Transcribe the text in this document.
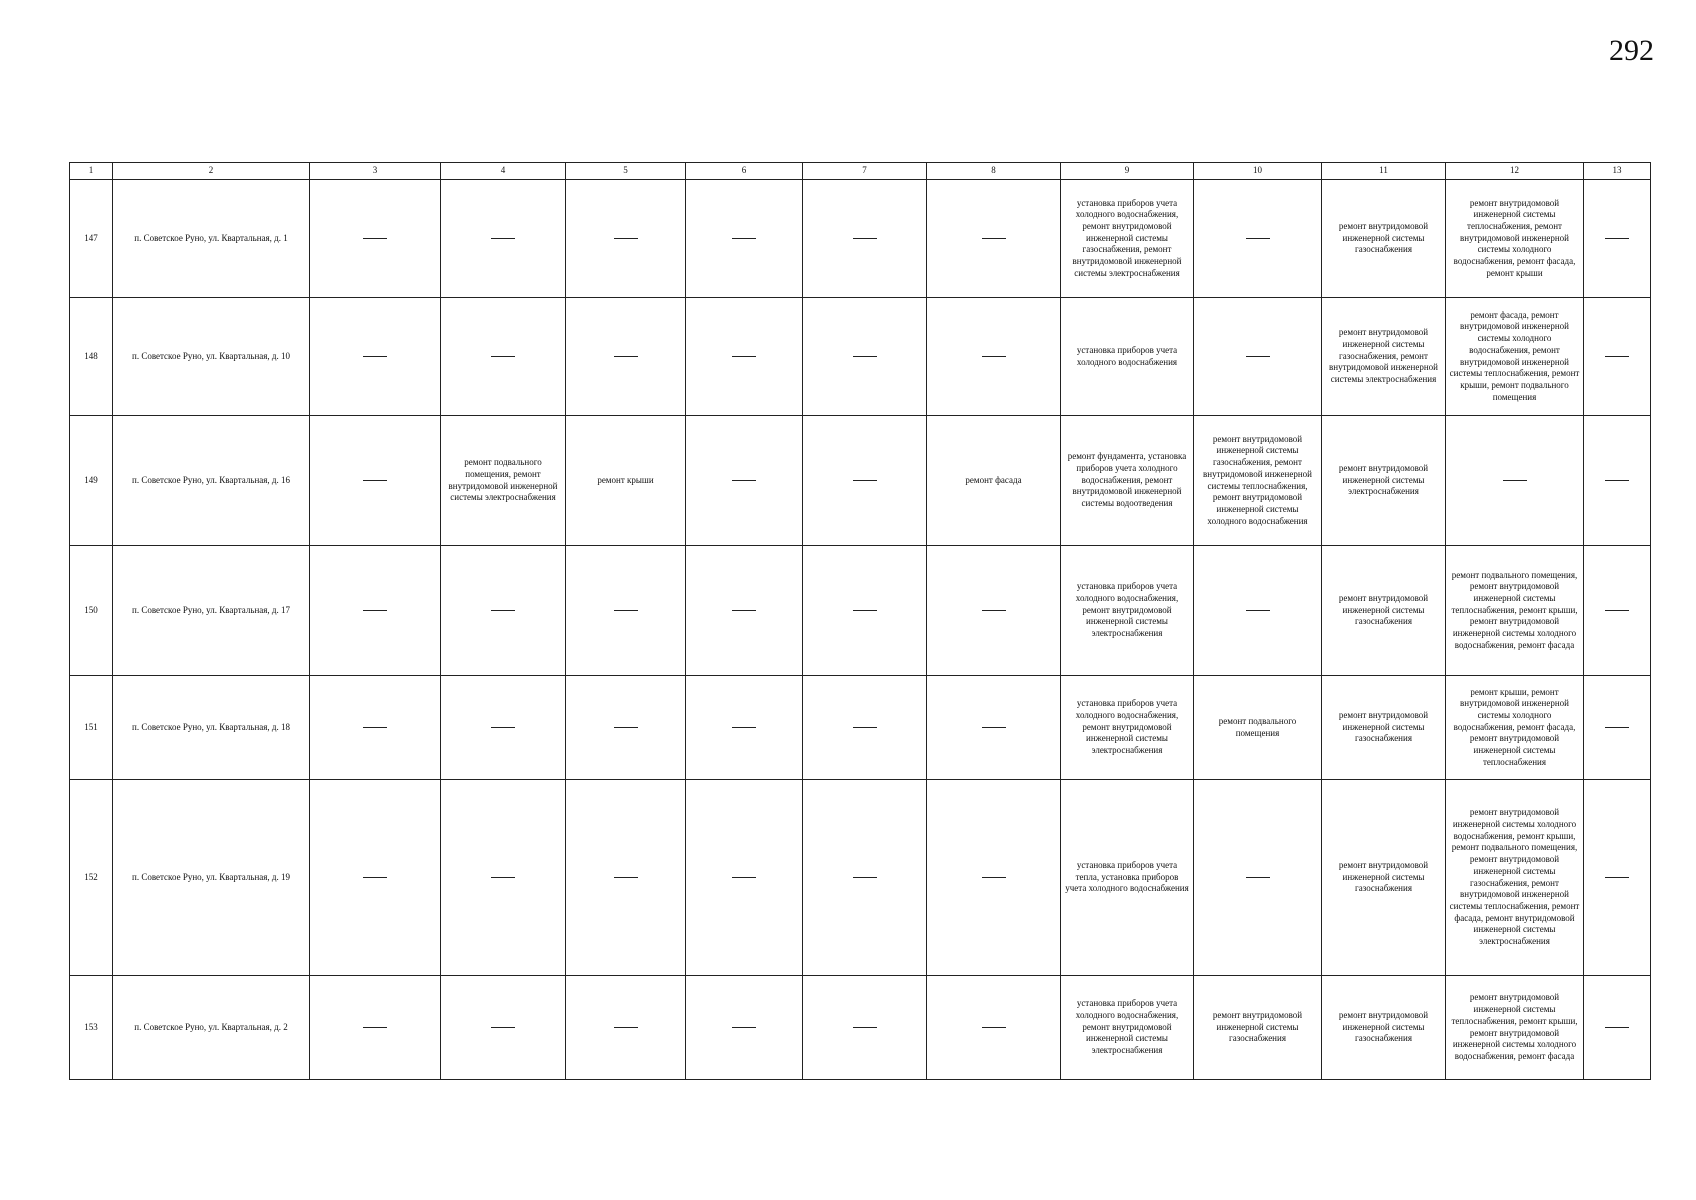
292
1	2	3	4	5	6	7	8	9	10	11	12	13
147	п. Советское Руно, ул. Квартальная, д. 1							установка приборов учета холодного водоснабжения, ремонт внутридомовой инженерной системы газоснабжения, ремонт внутридомовой инженерной системы электроснабжения		ремонт внутридомовой инженерной системы газоснабжения	ремонт внутридомовой инженерной системы теплоснабжения, ремонт внутридомовой инженерной системы холодного водоснабжения, ремонт фасада, ремонт крыши	
148	п. Советское Руно, ул. Квартальная, д. 10							установка приборов учета холодного водоснабжения		ремонт внутридомовой инженерной системы газоснабжения, ремонт внутридомовой инженерной системы электроснабжения	ремонт фасада, ремонт внутридомовой инженерной системы холодного водоснабжения, ремонт внутридомовой инженерной системы теплоснабжения, ремонт крыши, ремонт подвального помещения	
149	п. Советское Руно, ул. Квартальная, д. 16		ремонт подвального помещения, ремонт внутридомовой инженерной системы электроснабжения	ремонт крыши			ремонт фасада	ремонт фундамента, установка приборов учета холодного водоснабжения, ремонт внутридомовой инженерной системы водоотведения	ремонт внутридомовой инженерной системы газоснабжения, ремонт внутридомовой инженерной системы теплоснабжения, ремонт внутридомовой инженерной системы холодного водоснабжения	ремонт внутридомовой инженерной системы электроснабжения		
150	п. Советское Руно, ул. Квартальная, д. 17							установка приборов учета холодного водоснабжения, ремонт внутридомовой инженерной системы электроснабжения		ремонт внутридомовой инженерной системы газоснабжения	ремонт подвального помещения, ремонт внутридомовой инженерной системы теплоснабжения, ремонт крыши, ремонт внутридомовой инженерной системы холодного водоснабжения, ремонт фасада	
151	п. Советское Руно, ул. Квартальная, д. 18							установка приборов учета холодного водоснабжения, ремонт внутридомовой инженерной системы электроснабжения	ремонт подвального помещения	ремонт внутридомовой инженерной системы газоснабжения	ремонт крыши, ремонт внутридомовой инженерной системы холодного водоснабжения, ремонт фасада, ремонт внутридомовой инженерной системы теплоснабжения	
152	п. Советское Руно, ул. Квартальная, д. 19							установка приборов учета тепла, установка приборов учета холодного водоснабжения		ремонт внутридомовой инженерной системы газоснабжения	ремонт внутридомовой инженерной системы холодного водоснабжения, ремонт крыши, ремонт подвального помещения, ремонт внутридомовой инженерной системы газоснабжения, ремонт внутридомовой инженерной системы теплоснабжения, ремонт фасада, ремонт внутридомовой инженерной системы электроснабжения	
153	п. Советское Руно, ул. Квартальная, д. 2							установка приборов учета холодного водоснабжения, ремонт внутридомовой инженерной системы электроснабжения	ремонт внутридомовой инженерной системы газоснабжения	ремонт внутридомовой инженерной системы газоснабжения	ремонт внутридомовой инженерной системы теплоснабжения, ремонт крыши, ремонт внутридомовой инженерной системы холодного водоснабжения, ремонт фасада	
